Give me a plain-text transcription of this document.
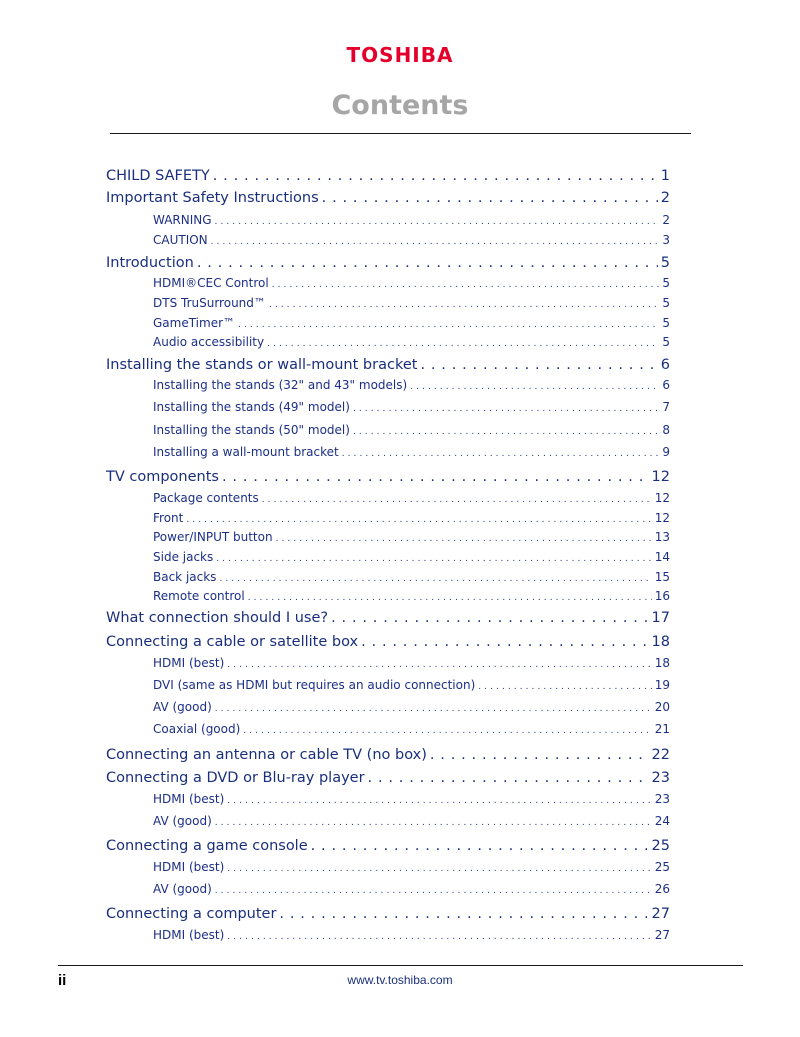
TOSHIBA
Contents
CHILD SAFETY . . .	1
Important Safety Instructions . . .	2
WARNING . . .	2
CAUTION . . .	3
Introduction . . .	5
HDMI®CEC Control . . .	5
DTS TruSurround™ . . .	5
GameTimer™ . . .	5
Audio accessibility . . .	5
Installing the stands or wall-mount bracket . . .	6
Installing the stands (32" and 43" models) . . .	6
Installing the stands (49" model) . . .	7
Installing the stands (50" model) . . .	8
Installing a wall-mount bracket . . .	9
TV components . . .	12
Package contents . . .	12
Front . . .	12
Power/INPUT button . . .	13
Side jacks . . .	14
Back jacks . . .	15
Remote control . . .	16
What connection should I use? . . .	17
Connecting a cable or satellite box . . .	18
HDMI (best) . . .	18
DVI (same as HDMI but requires an audio connection) . . .	19
AV (good) . . .	20
Coaxial (good) . . .	21
Connecting an antenna or cable TV (no box) . . .	22
Connecting a DVD or Blu-ray player . . .	23
HDMI (best) . . .	23
AV (good) . . .	24
Connecting a game console . . .	25
HDMI (best) . . .	25
AV (good) . . .	26
Connecting a computer . . .	27
HDMI (best) . . .	27
ii	www.tv.toshiba.com
